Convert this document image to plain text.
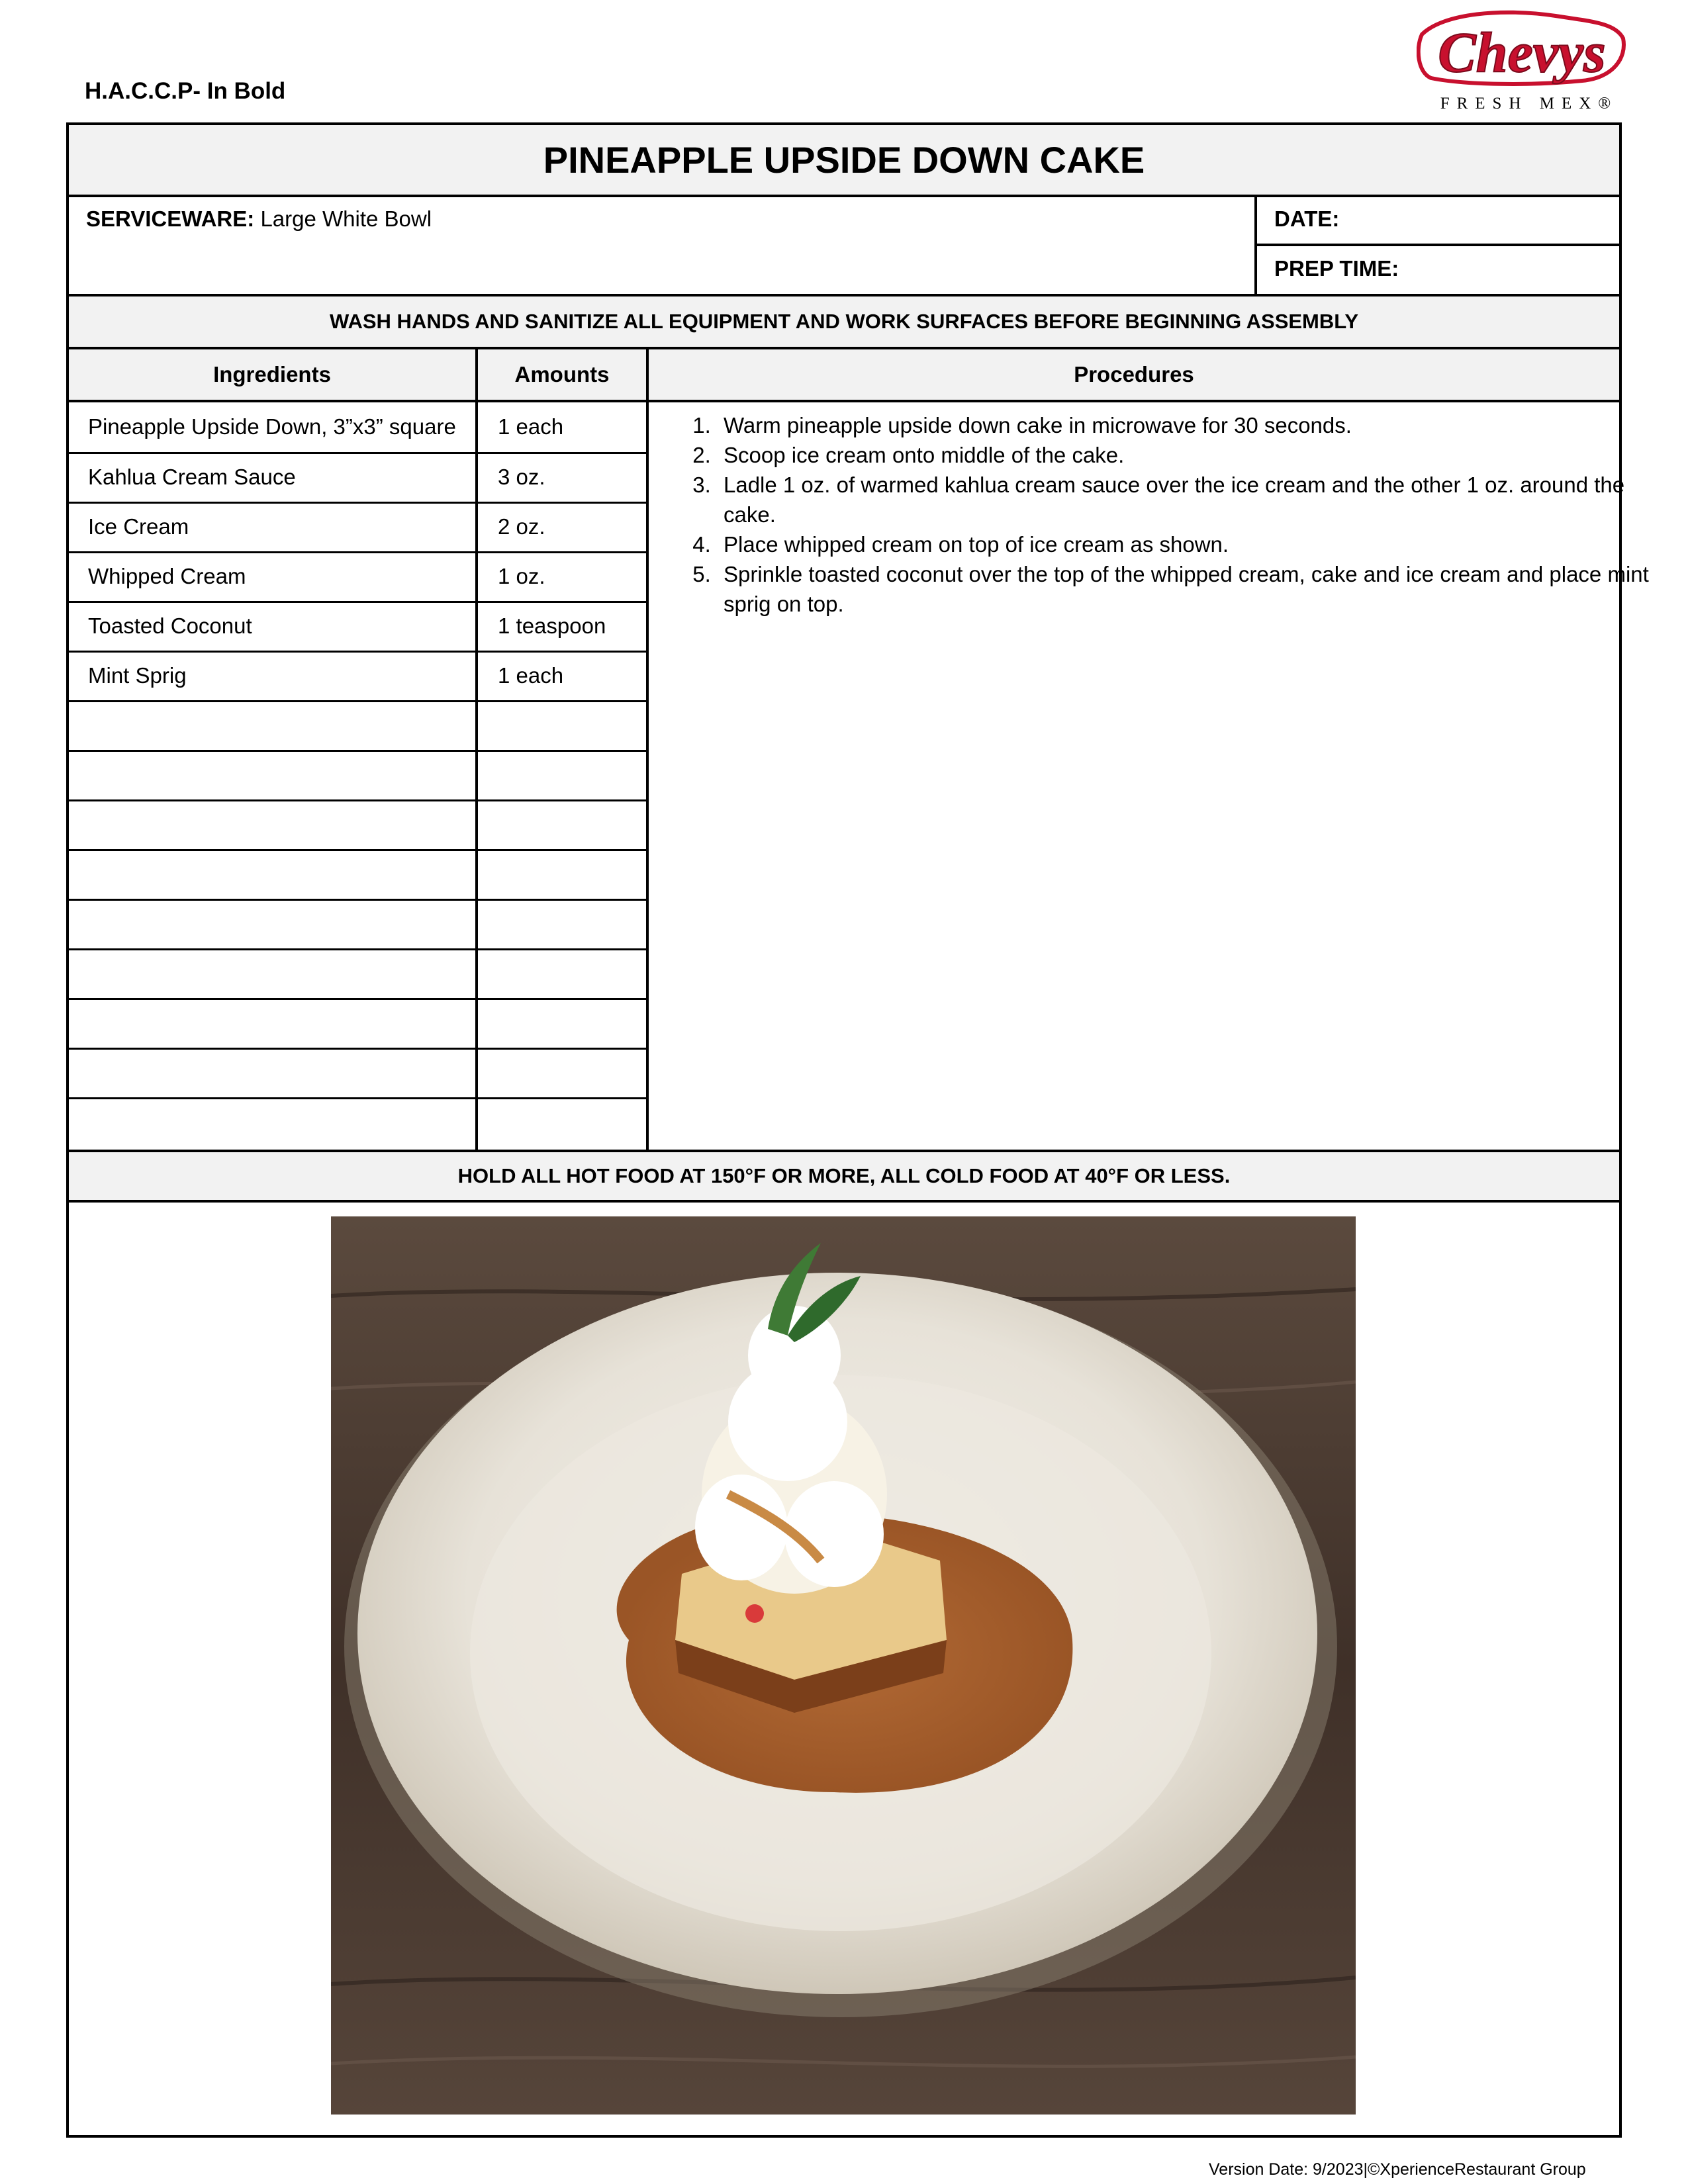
H.A.C.C.P- In Bold
Chevys
FRESH MEX®
PINEAPPLE UPSIDE DOWN CAKE
SERVICEWARE: Large White Bowl	DATE:
PREP TIME:
WASH HANDS AND SANITIZE ALL EQUIPMENT AND WORK SURFACES BEFORE BEGINNING ASSEMBLY
Ingredients	Amounts	Procedures
Pineapple Upside Down, 3”x3” square 1 each
Kahlua Cream Sauce	3 oz.
Ice Cream	2 oz.
Whipped Cream	1 oz.
Toasted Coconut	1 teaspoon
Mint Sprig	1 each
1. Warm pineapple upside down cake in microwave for 30 seconds.
2. Scoop ice cream onto middle of the cake.
3. Ladle 1 oz. of warmed kahlua cream sauce over the ice cream and the other 1 oz. around the cake.
4. Place whipped cream on top of ice cream as shown.
5. Sprinkle toasted coconut over the top of the whipped cream, cake and ice cream and place mint sprig on top.
HOLD ALL HOT FOOD AT 150°F OR MORE, ALL COLD FOOD AT 40°F OR LESS.
Version Date: 9/2023|©XperienceRestaurant Group
